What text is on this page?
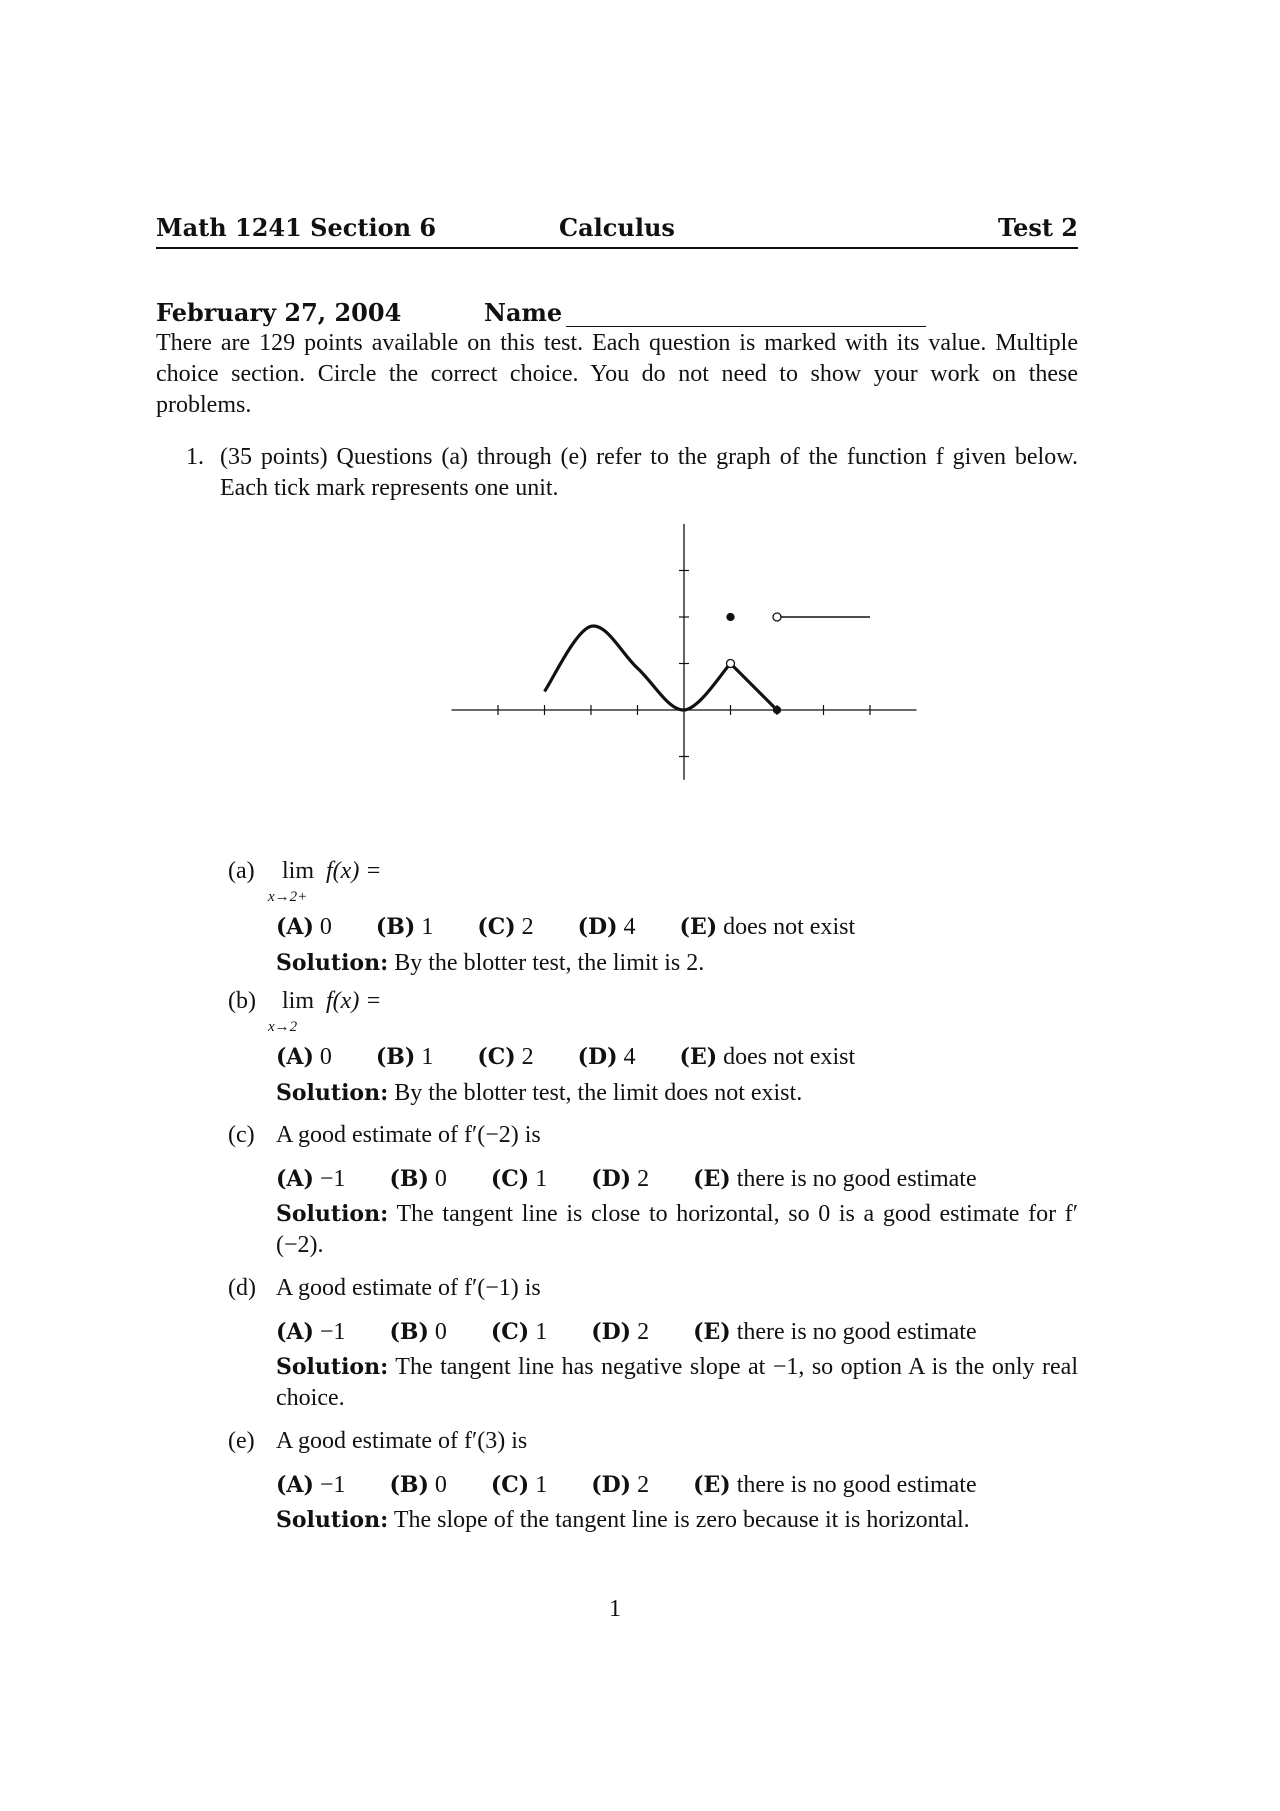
Math 1241 Section 6	Calculus	Test 2
February 27, 2004	Name
There are 129 points available on this test. Each question is marked with its value. Multiple choice section. Circle the correct choice. You do not need to show your work on these problems.
1. (35 points) Questions (a) through (e) refer to the graph of the function f given below. Each tick mark represents one unit.
(a) lim
x→2+
f(x) =
(A) 0 (B) 1 (C) 2 (D) 4 (E) does not exist
Solution: By the blotter test, the limit is 2.
(b) lim
x→2
f(x) =
(A) 0 (B) 1 (C) 2 (D) 4 (E) does not exist
Solution: By the blotter test, the limit does not exist.
(c) A good estimate of f′(−2) is
(A) −1 (B) 0 (C) 1 (D) 2 (E) there is no good estimate
Solution: The tangent line is close to horizontal, so 0 is a good estimate for f′(−2).
(d) A good estimate of f′(−1) is
(A) −1 (B) 0 (C) 1 (D) 2 (E) there is no good estimate
Solution: The tangent line has negative slope at −1, so option A is the only real choice.
(e) A good estimate of f′(3) is
(A) −1 (B) 0 (C) 1 (D) 2 (E) there is no good estimate
Solution: The slope of the tangent line is zero because it is horizontal.
1
